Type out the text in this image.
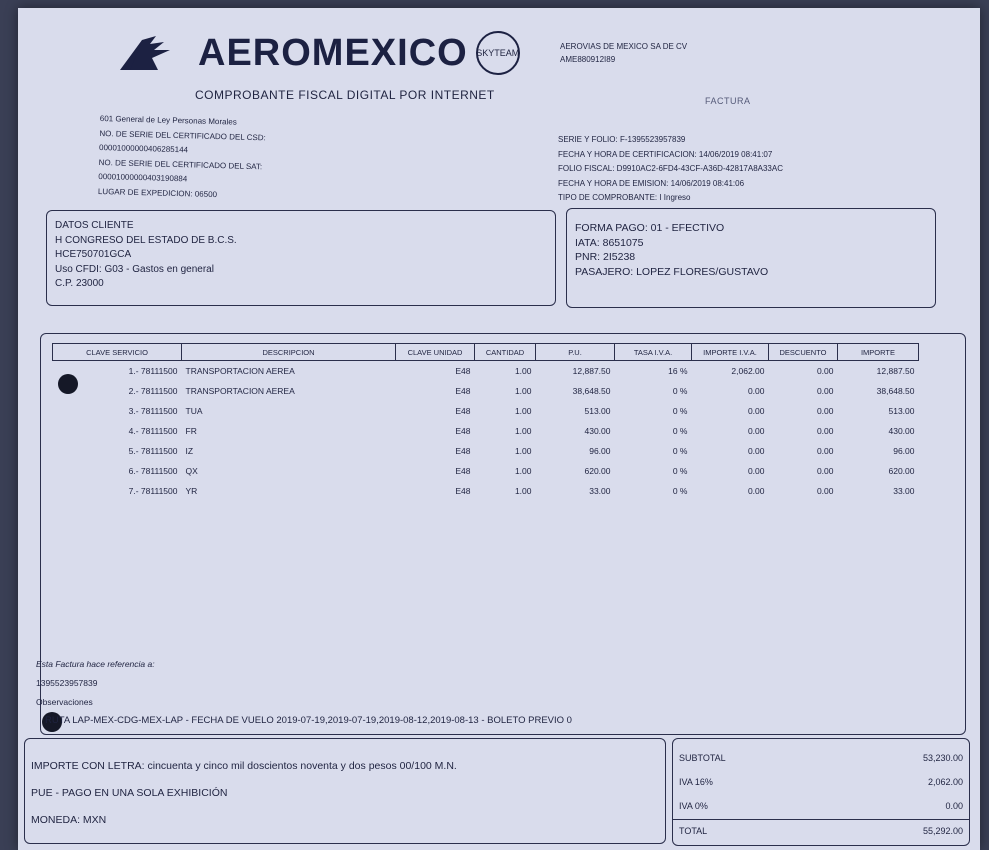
AEROMEXICO SKYTEAM
COMPROBANTE FISCAL DIGITAL POR INTERNET
601 General de Ley Personas Morales
NO. DE SERIE DEL CERTIFICADO DEL CSD:
00001000000406285144
NO. DE SERIE DEL CERTIFICADO DEL SAT:
00001000000403190884
LUGAR DE EXPEDICION: 06500
AEROVIAS DE MEXICO SA DE CV
AME880912I89
FACTURA
SERIE Y FOLIO: F-1395523957839
FECHA Y HORA DE CERTIFICACION: 14/06/2019 08:41:07
FOLIO FISCAL: D9910AC2-6FD4-43CF-A36D-42817A8A33AC
FECHA Y HORA DE EMISION: 14/06/2019 08:41:06
TIPO DE COMPROBANTE: I Ingreso
DATOS CLIENTE
H CONGRESO DEL ESTADO DE B.C.S.
HCE750701GCA
Uso CFDI: G03 - Gastos en general
C.P. 23000
FORMA PAGO: 01 - EFECTIVO
IATA: 8651075
PNR: 2I5238
PASAJERO: LOPEZ FLORES/GUSTAVO
CLAVE SERVICIO	DESCRIPCION	CLAVE UNIDAD	CANTIDAD	P.U.	TASA I.V.A.	IMPORTE I.V.A.	DESCUENTO	IMPORTE
1.- 78111500	TRANSPORTACION AEREA	E48	1.00	12,887.50	16 %	2,062.00	0.00	12,887.50
2.- 78111500	TRANSPORTACION AEREA	E48	1.00	38,648.50	0 %	0.00	0.00	38,648.50
3.- 78111500	TUA	E48	1.00	513.00	0 %	0.00	0.00	513.00
4.- 78111500	FR	E48	1.00	430.00	0 %	0.00	0.00	430.00
5.- 78111500	IZ	E48	1.00	96.00	0 %	0.00	0.00	96.00
6.- 78111500	QX	E48	1.00	620.00	0 %	0.00	0.00	620.00
7.- 78111500	YR	E48	1.00	33.00	0 %	0.00	0.00	33.00
Esta Factura hace referencia a:
1395523957839
Observaciones
RUTA LAP-MEX-CDG-MEX-LAP - FECHA DE VUELO 2019-07-19,2019-07-19,2019-08-12,2019-08-13 - BOLETO PREVIO 0
IMPORTE CON LETRA: cincuenta y cinco mil doscientos noventa y dos pesos 00/100 M.N.
PUE - PAGO EN UNA SOLA EXHIBICIÓN
MONEDA: MXN
SUBTOTAL	53,230.00
IVA 16%	2,062.00
IVA 0%	0.00
TOTAL	55,292.00
